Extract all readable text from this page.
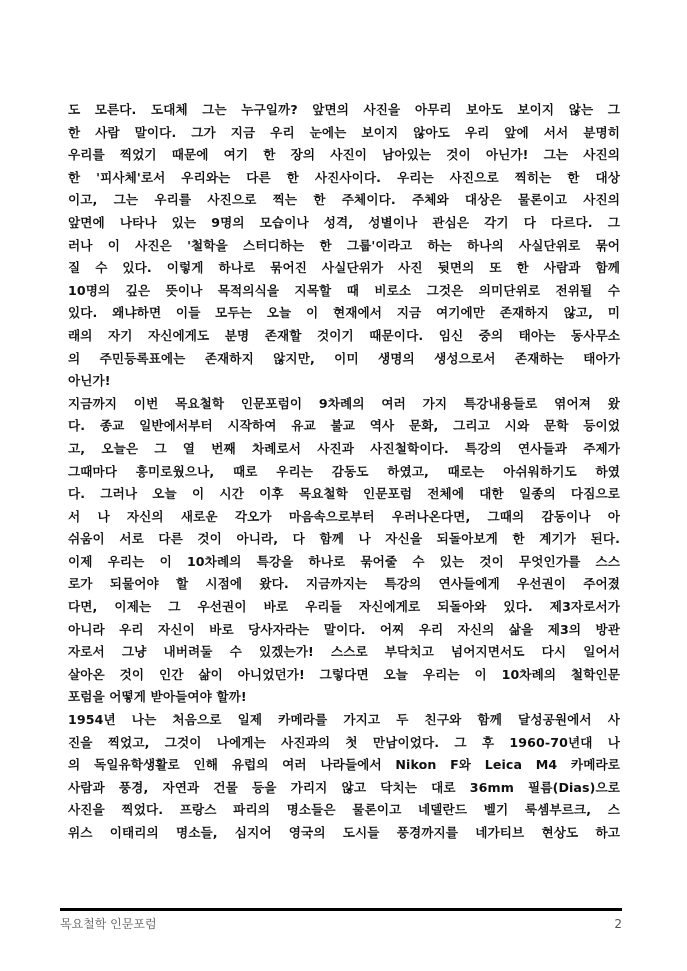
도 모른다. 도대체 그는 누구일까? 앞면의 사진을 아무리 보아도 보이지 않는 그
한 사람 말이다. 그가 지금 우리 눈에는 보이지 않아도 우리 앞에 서서 분명히
우리를 찍었기 때문에 여기 한 장의 사진이 남아있는 것이 아닌가! 그는 사진의
한 '피사체'로서 우리와는 다른 한 사진사이다. 우리는 사진으로 찍히는 한 대상
이고, 그는 우리를 사진으로 찍는 한 주체이다. 주체와 대상은 물론이고 사진의
앞면에 나타나 있는 9명의 모습이나 성격, 성별이나 관심은 각기 다 다르다. 그
러나 이 사진은 '철학을 스터디하는 한 그룹'이라고 하는 하나의 사실단위로 묶어
질 수 있다. 이렇게 하나로 묶어진 사실단위가 사진 뒷면의 또 한 사람과 함께
10명의 깊은 뜻이나 목적의식을 지목할 때 비로소 그것은 의미단위로 전위될 수
있다. 왜냐하면 이들 모두는 오늘 이 현재에서 지금 여기에만 존재하지 않고, 미
래의 자기 자신에게도 분명 존재할 것이기 때문이다. 임신 중의 태아는 동사무소
의 주민등록표에는 존재하지 않지만, 이미 생명의 생성으로서 존재하는 태아가
아닌가!
지금까지 이번 목요철학 인문포럼이 9차례의 여러 가지 특강내용들로 엮어져 왔
다. 종교 일반에서부터 시작하여 유교 불교 역사 문화, 그리고 시와 문학 등이었
고, 오늘은 그 열 번째 차례로서 사진과 사진철학이다. 특강의 연사들과 주제가
그때마다 흥미로웠으나, 때로 우리는 감동도 하였고, 때로는 아쉬워하기도 하였
다. 그러나 오늘 이 시간 이후 목요철학 인문포럼 전체에 대한 일종의 다짐으로
서 나 자신의 새로운 각오가 마음속으로부터 우러나온다면, 그때의 감동이나 아
쉬움이 서로 다른 것이 아니라, 다 함께 나 자신을 되돌아보게 한 계기가 된다.
이제 우리는 이 10차례의 특강을 하나로 묶어줄 수 있는 것이 무엇인가를 스스
로가 되물어야 할 시점에 왔다. 지금까지는 특강의 연사들에게 우선권이 주어졌
다면, 이제는 그 우선권이 바로 우리들 자신에게로 되돌아와 있다. 제3자로서가
아니라 우리 자신이 바로 당사자라는 말이다. 어찌 우리 자신의 삶을 제3의 방관
자로서 그냥 내버려둘 수 있겠는가! 스스로 부닥치고 넘어지면서도 다시 일어서
살아온 것이 인간 삶이 아니었던가! 그렇다면 오늘 우리는 이 10차례의 철학인문
포럼을 어떻게 받아들여야 할까!
1954년 나는 처음으로 일제 카메라를 가지고 두 친구와 함께 달성공원에서 사
진을 찍었고, 그것이 나에게는 사진과의 첫 만남이었다. 그 후 1960-70년대 나
의 독일유학생활로 인해 유럽의 여러 나라들에서 Nikon F와 Leica M4 카메라로
사람과 풍경, 자연과 건물 등을 가리지 않고 닥치는 대로 36mm 필름(Dias)으로
사진을 찍었다. 프랑스 파리의 명소들은 물론이고 네델란드 벨기 룩셈부르크, 스
위스 이태리의 명소들, 심지어 영국의 도시들 풍경까지를 네가티브 현상도 하고
목요철학 인문포럼	2
